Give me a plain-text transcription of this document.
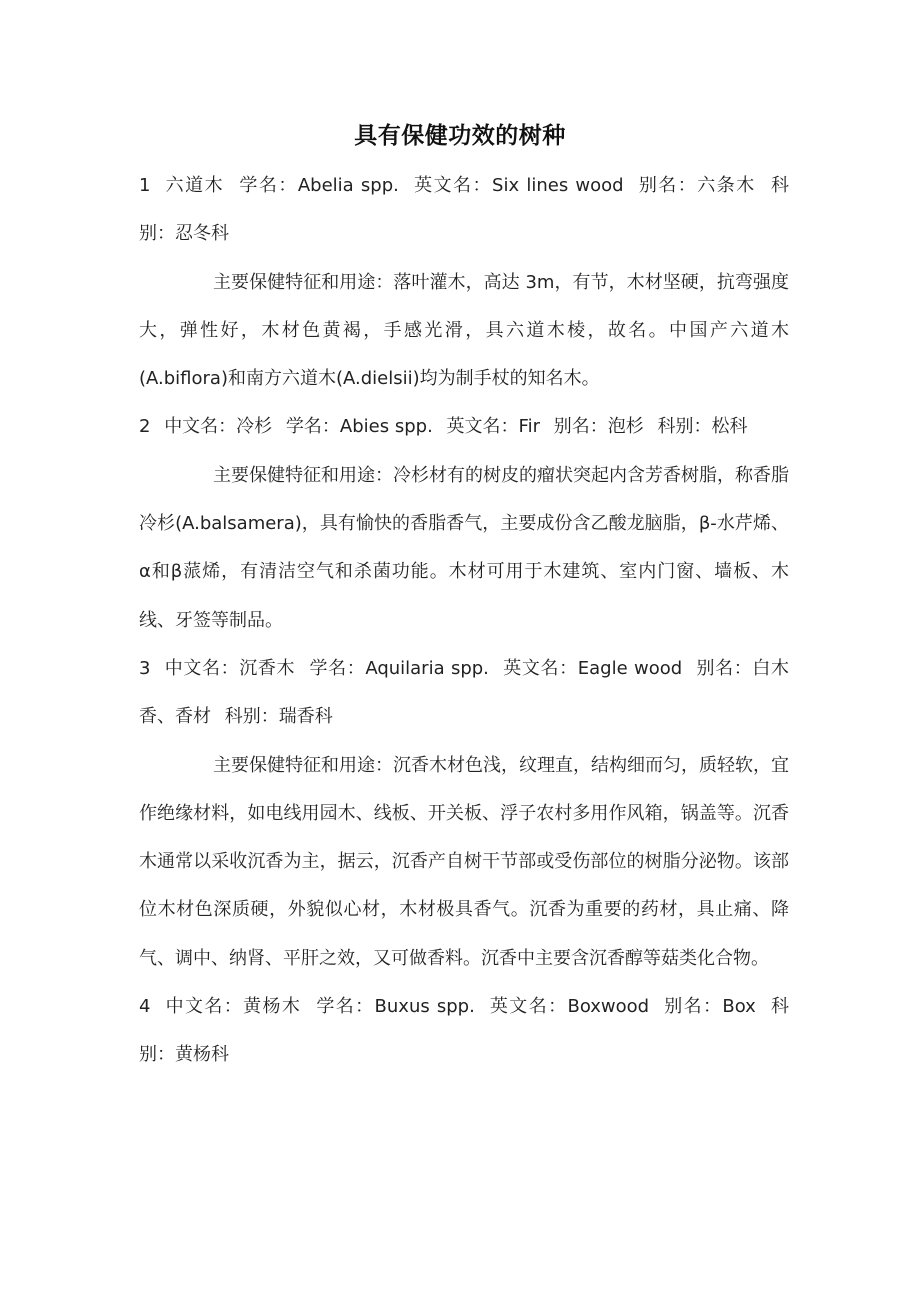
具有保健功效的树种

1 六道木 学名：Abelia spp. 英文名：Six lines wood 别名：六条木 科别：忍冬科

主要保健特征和用途：落叶灌木，高达 3m，有节，木材坚硬，抗弯强度大，弹性好，木材色黄褐，手感光滑，具六道木棱，故名。中国产六道木(A.biflora)和南方六道木(A.dielsii)均为制手杖的知名木。

2 中文名：冷杉 学名：Abies spp. 英文名：Fir 别名：泡杉 科别：松科

主要保健特征和用途：冷杉材有的树皮的瘤状突起内含芳香树脂，称香脂冷杉(A.balsamera)，具有愉快的香脂香气，主要成份含乙酸龙脑脂，β-水芹烯、α和β蒎烯，有清洁空气和杀菌功能。木材可用于木建筑、室内门窗、墙板、木线、牙签等制品。

3 中文名：沉香木 学名：Aquilaria spp. 英文名：Eagle wood 别名：白木香、香材 科别：瑞香科

主要保健特征和用途：沉香木材色浅，纹理直，结构细而匀，质轻软，宜作绝缘材料，如电线用园木、线板、开关板、浮子农村多用作风箱，锅盖等。沉香木通常以采收沉香为主，据云，沉香产自树干节部或受伤部位的树脂分泌物。该部位木材色深质硬，外貌似心材，木材极具香气。沉香为重要的药材，具止痛、降气、调中、纳肾、平肝之效，又可做香料。沉香中主要含沉香醇等菇类化合物。

4 中文名：黄杨木 学名：Buxus spp. 英文名：Boxwood 别名：Box 科别：黄杨科
